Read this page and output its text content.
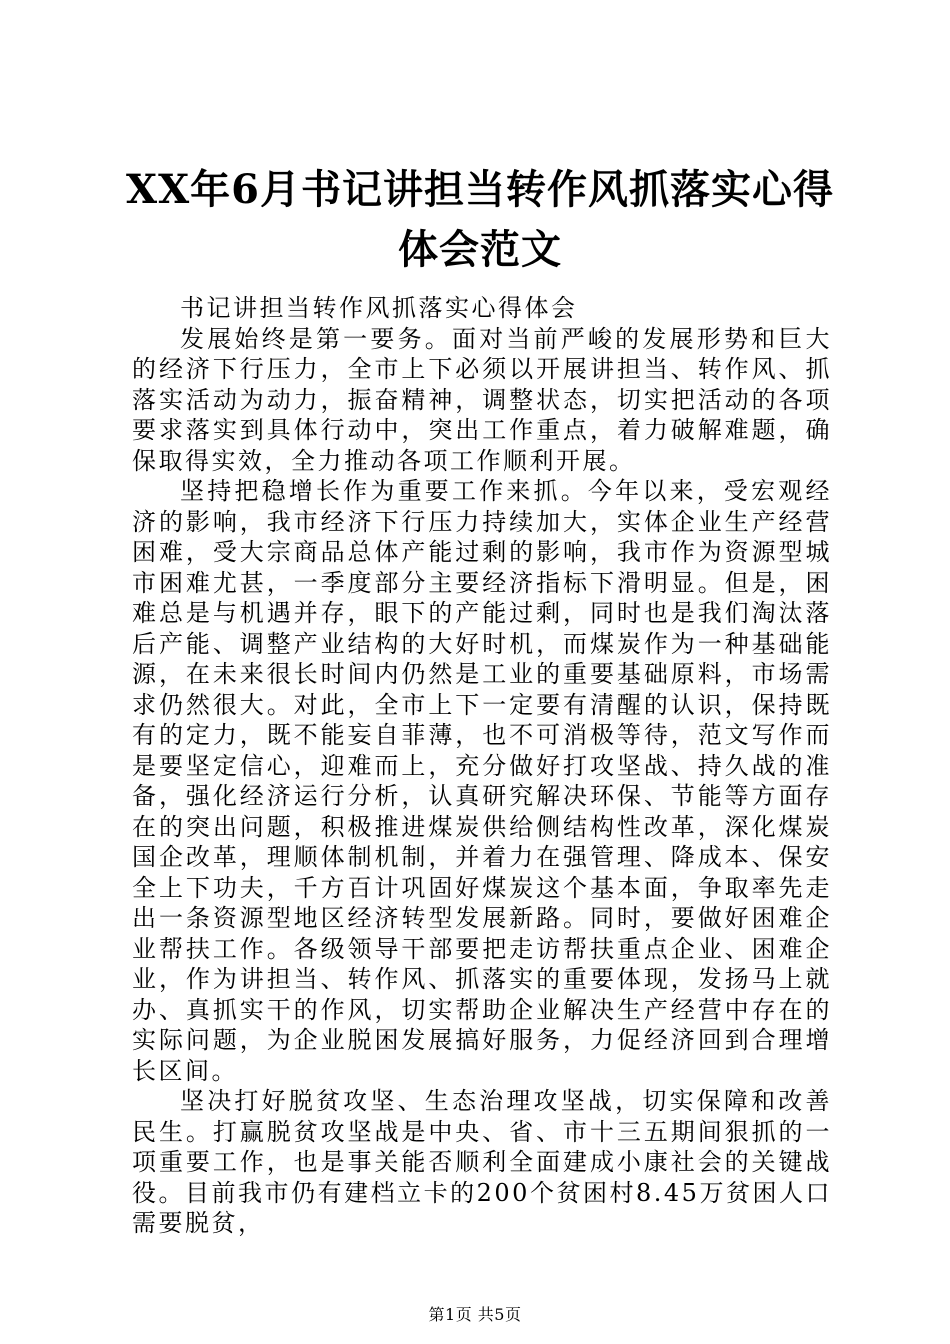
XX年6月书记讲担当转作风抓落实心得体会范文

书记讲担当转作风抓落实心得体会

发展始终是第一要务。面对当前严峻的发展形势和巨大的经济下行压力，全市上下必须以开展讲担当、转作风、抓落实活动为动力，振奋精神，调整状态，切实把活动的各项要求落实到具体行动中，突出工作重点，着力破解难题，确保取得实效，全力推动各项工作顺利开展。

坚持把稳增长作为重要工作来抓。今年以来，受宏观经济的影响，我市经济下行压力持续加大，实体企业生产经营困难，受大宗商品总体产能过剩的影响，我市作为资源型城市困难尤甚，一季度部分主要经济指标下滑明显。但是，困难总是与机遇并存，眼下的产能过剩，同时也是我们淘汰落后产能、调整产业结构的大好时机，而煤炭作为一种基础能源，在未来很长时间内仍然是工业的重要基础原料，市场需求仍然很大。对此，全市上下一定要有清醒的认识，保持既有的定力，既不能妄自菲薄，也不可消极等待，范文写作而是要坚定信心，迎难而上，充分做好打攻坚战、持久战的准备，强化经济运行分析，认真研究解决环保、节能等方面存在的突出问题，积极推进煤炭供给侧结构性改革，深化煤炭国企改革，理顺体制机制，并着力在强管理、降成本、保安全上下功夫，千方百计巩固好煤炭这个基本面，争取率先走出一条资源型地区经济转型发展新路。同时，要做好困难企业帮扶工作。各级领导干部要把走访帮扶重点企业、困难企业，作为讲担当、转作风、抓落实的重要体现，发扬马上就办、真抓实干的作风，切实帮助企业解决生产经营中存在的实际问题，为企业脱困发展搞好服务，力促经济回到合理增长区间。

坚决打好脱贫攻坚、生态治理攻坚战，切实保障和改善民生。打赢脱贫攻坚战是中央、省、市十三五期间狠抓的一项重要工作，也是事关能否顺利全面建成小康社会的关键战役。目前我市仍有建档立卡的200个贫困村8.45万贫困人口需要脱贫，

第1页 共5页
